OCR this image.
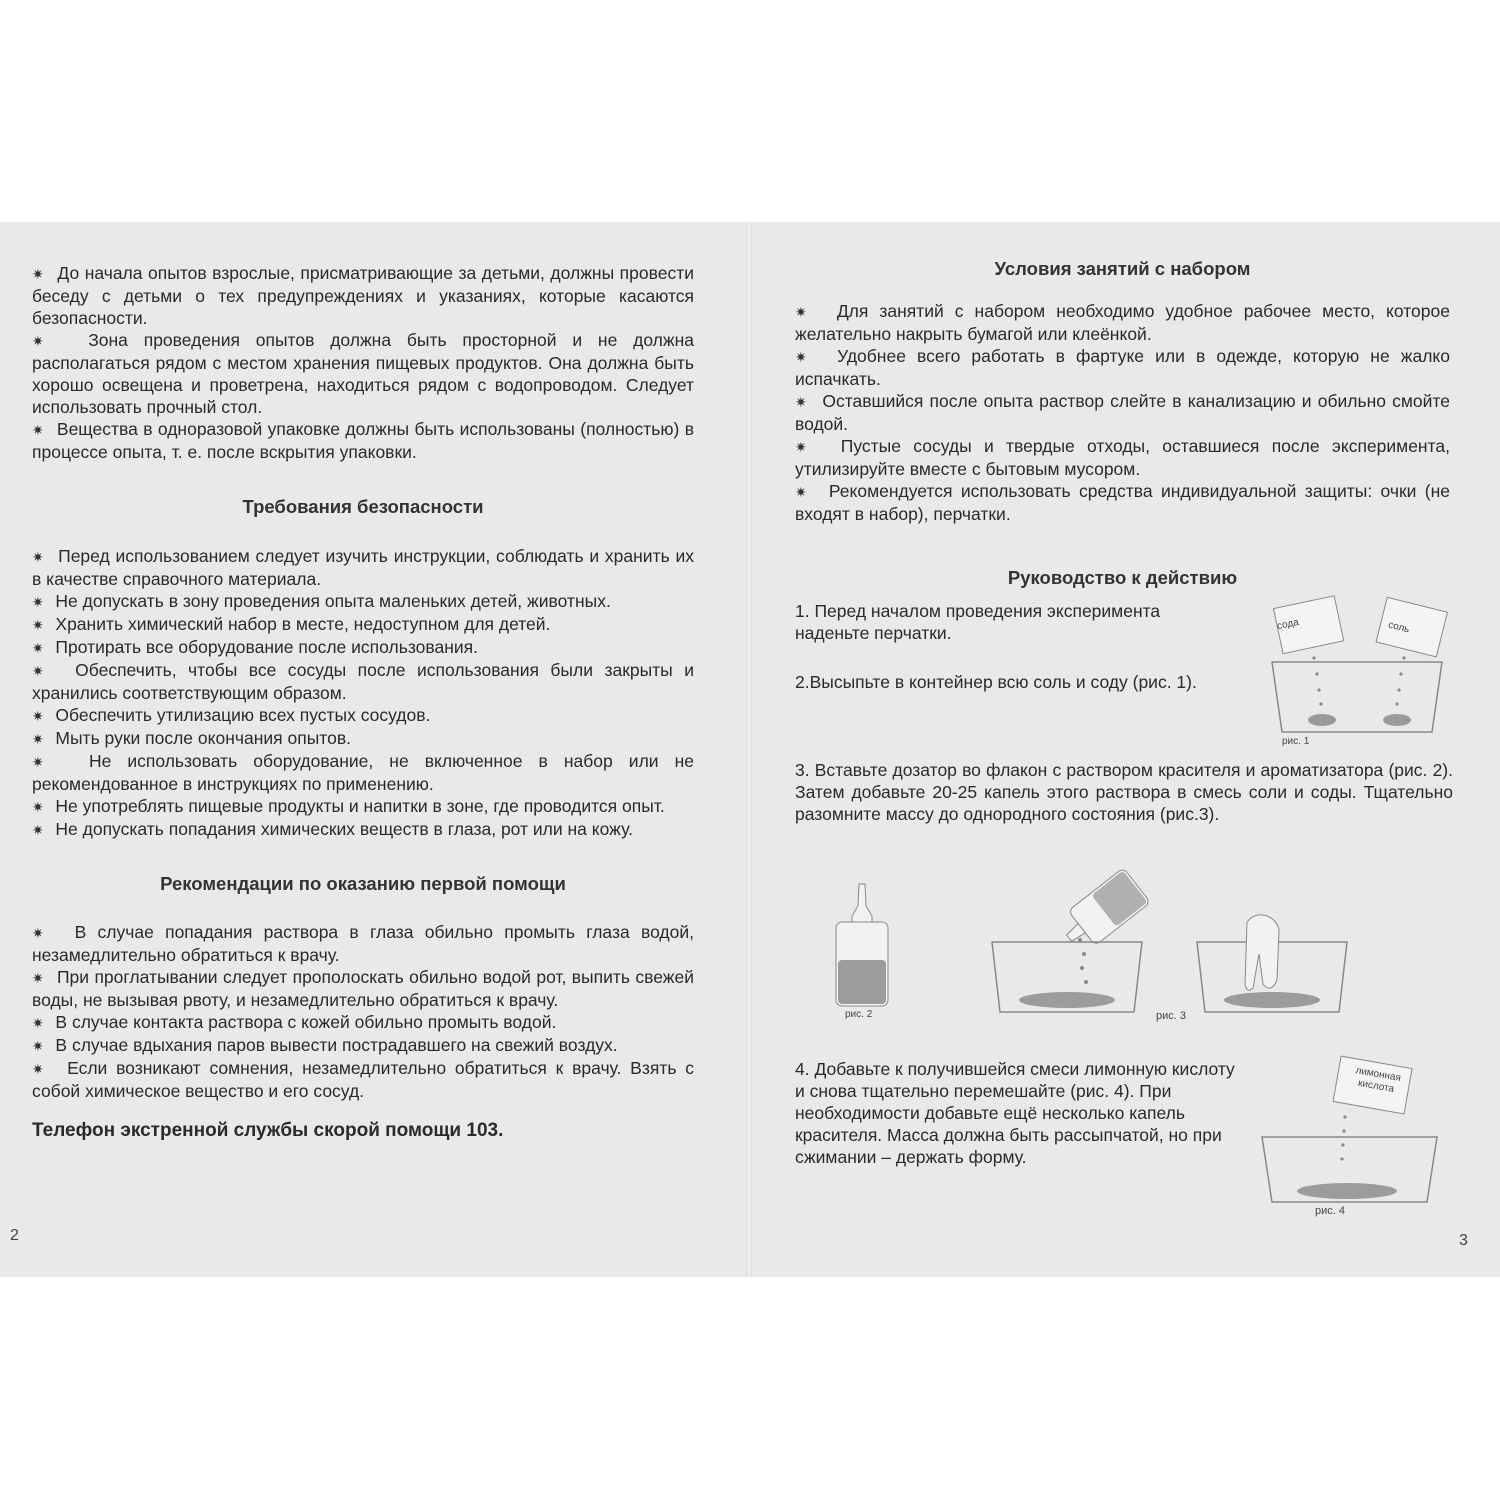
✷   До начала опытов взрослые, присматривающие за детьми, должны провести беседу с детьми о тех предупреждениях и указаниях, которые касаются безопасности.

✷   Зона проведения опытов должна быть просторной и не должна располагаться рядом с местом хранения пищевых продуктов. Она должна быть хорошо освещена и проветрена, находиться рядом с водопроводом. Следует использовать прочный стол.

✷   Вещества в одноразовой упаковке должны быть использованы (полностью) в процессе опыта, т. е. после вскрытия упаковки.

Требования безопасности

✷   Перед использованием следует изучить инструкции, соблюдать и хранить их в качестве справочного материала.

✷   Не допускать в зону проведения опыта маленьких детей, животных.

✷   Хранить химический набор в месте, недоступном для детей.

✷   Протирать все оборудование после использования.

✷   Обеспечить, чтобы все сосуды после использования были закрыты и хранились соответствующим образом.

✷   Обеспечить утилизацию всех пустых сосудов.

✷   Мыть руки после окончания опытов.

✷   Не использовать оборудование, не включенное в набор или не рекомендованное в инструкциях по применению.

✷   Не употреблять пищевые продукты и напитки в зоне, где проводится опыт.

✷   Не допускать попадания химических веществ в глаза, рот или на кожу.

Рекомендации по оказанию первой помощи

✷   В случае попадания раствора в глаза обильно промыть глаза водой, незамедлительно обратиться к врачу.

✷   При проглатывании следует прополоскать обильно водой рот, выпить свежей воды, не вызывая рвоту, и незамедлительно обратиться к врачу.

✷   В случае контакта раствора с кожей обильно промыть водой.

✷   В случае вдыхания паров вывести пострадавшего на свежий воздух.

✷   Если возникают сомнения, незамедлительно обратиться к врачу. Взять с собой химическое вещество и его сосуд.

Телефон экстренной службы скорой помощи 103.
2
Условия занятий с набором

✷   Для занятий с набором необходимо удобное рабочее место, которое желательно накрыть бумагой или клеёнкой.

✷   Удобнее всего работать в фартуке или в одежде, которую не жалко испачкать.

✷   Оставшийся после опыта раствор слейте в канализацию и обильно смойте водой.

✷   Пустые сосуды и твердые отходы, оставшиеся после эксперимента, утилизируйте вместе с бытовым мусором.

✷   Рекомендуется использовать средства индивидуальной защиты: очки (не входят в набор), перчатки.

Руководство к действию
1. Перед началом проведения эксперимента наденьте перчатки.
2.Высыпьте в контейнер всю соль и соду (рис. 1).
сода	соль
рис. 1
3. Вставьте дозатор во флакон с раствором красителя и ароматизатора (рис. 2). Затем добавьте 20-25 капель этого раствора в смесь соли и соды. Тщательно разомните массу до однородного состояния (рис.3).
рис. 2	рис. 3
4. Добавьте к получившейся смеси лимонную кислоту и снова тщательно перемешайте (рис. 4). При необходимости добавьте ещё несколько капель красителя. Масса должна быть рассыпчатой, но при сжимании – держать форму.
лимонная кислота
рис. 4
3
